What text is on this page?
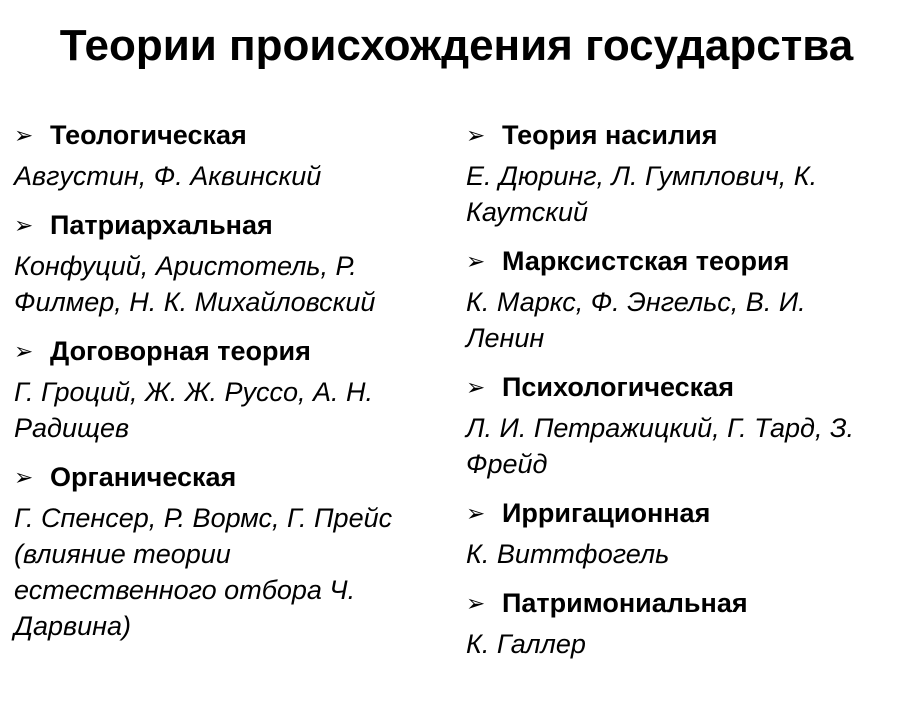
Теории происхождения государства
➢ Теологическая
Августин, Ф. Аквинский
➢ Патриархальная
Конфуций, Аристотель, Р.
Филмер, Н. К. Михайловский
➢ Договорная теория
Г. Гроций, Ж. Ж. Руссо, А. Н.
Радищев
➢ Органическая
Г. Спенсер, Р. Вормс, Г. Прейс
(влияние теории
естественного отбора Ч.
Дарвина)
➢ Теория насилия
Е. Дюринг, Л. Гумплович, К.
Каутский
➢ Марксистская теория
К. Маркс, Ф. Энгельс, В. И.
Ленин
➢ Психологическая
Л. И. Петражицкий, Г. Тард, З.
Фрейд
➢ Ирригационная
К. Виттфогель
➢ Патримониальная
К. Галлер
